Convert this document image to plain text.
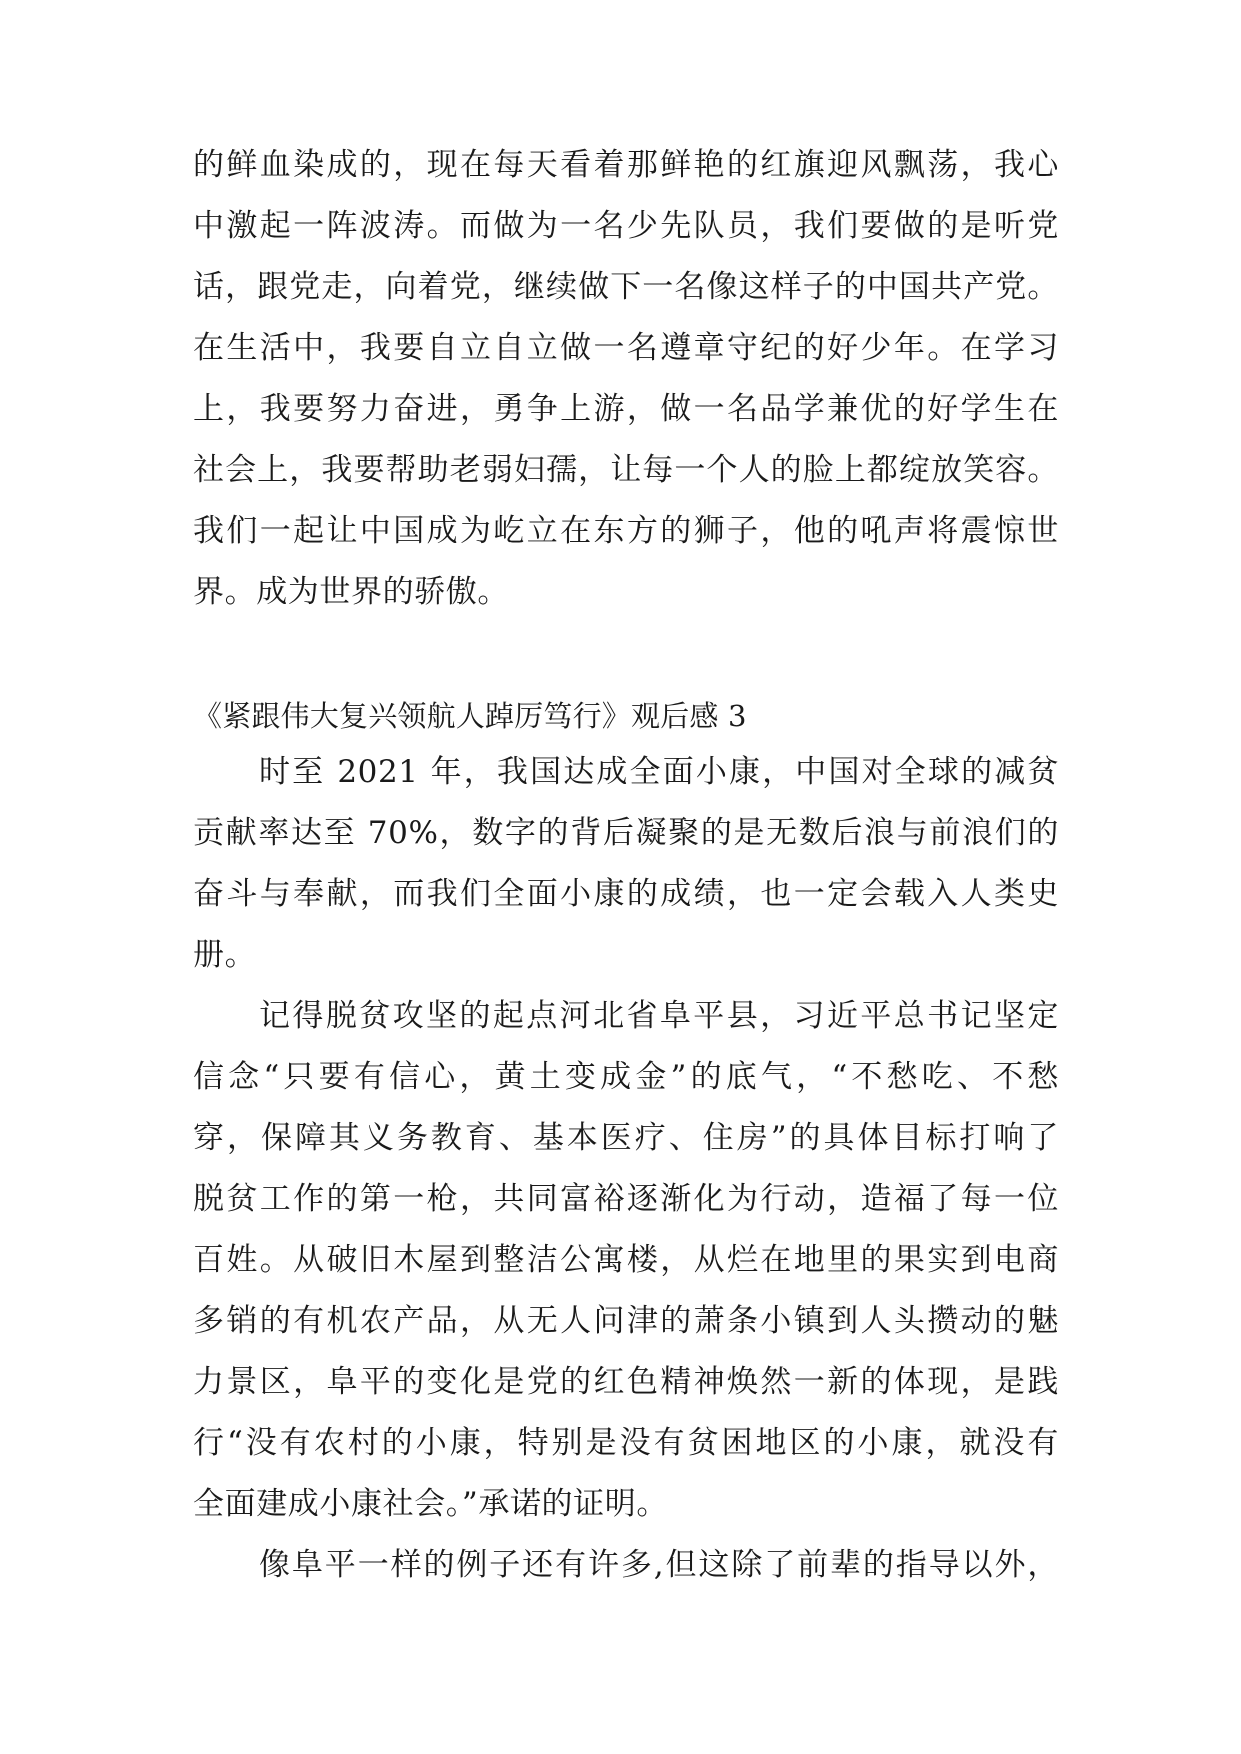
的鲜血染成的，现在每天看着那鲜艳的红旗迎风飘荡，我心
中激起一阵波涛。而做为一名少先队员，我们要做的是听党
话，跟党走，向着党，继续做下一名像这样子的中国共产党。
在生活中，我要自立自立做一名遵章守纪的好少年。在学习
上，我要努力奋进，勇争上游，做一名品学兼优的好学生在
社会上，我要帮助老弱妇孺，让每一个人的脸上都绽放笑容。
我们一起让中国成为屹立在东方的狮子，他的吼声将震惊世
界。成为世界的骄傲。
《紧跟伟大复兴领航人踔厉笃行》观后感 3
时至 2021 年，我国达成全面小康，中国对全球的减贫
贡献率达至 70%，数字的背后凝聚的是无数后浪与前浪们的
奋斗与奉献，而我们全面小康的成绩，也一定会载入人类史
册。
记得脱贫攻坚的起点河北省阜平县，习近平总书记坚定
信念“只要有信心，黄土变成金”的底气，“不愁吃、不愁
穿，保障其义务教育、基本医疗、住房”的具体目标打响了
脱贫工作的第一枪，共同富裕逐渐化为行动，造福了每一位
百姓。从破旧木屋到整洁公寓楼，从烂在地里的果实到电商
多销的有机农产品，从无人问津的萧条小镇到人头攒动的魅
力景区，阜平的变化是党的红色精神焕然一新的体现，是践
行“没有农村的小康，特别是没有贫困地区的小康，就没有
全面建成小康社会。”承诺的证明。
像阜平一样的例子还有许多,但这除了前辈的指导以外，
